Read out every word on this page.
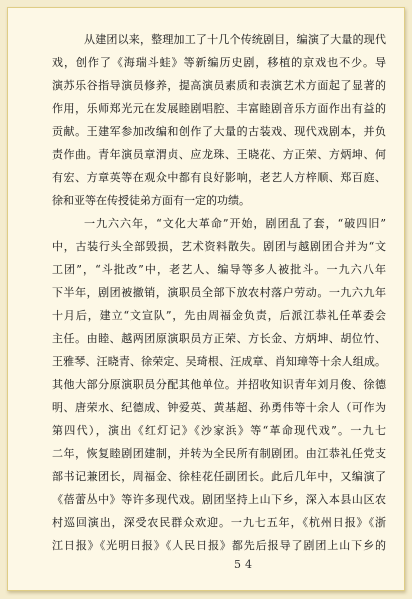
从建团以来，整理加工了十几个传统剧目，编演了大量的现代
戏，创作了《海瑞斗蛙》等新编历史剧，移植的京戏也不少。导
演苏乐谷指导演员修养，提高演员素质和表演艺术方面起了显著的
作用，乐师郑光元在发展睦剧唱腔、丰富睦剧音乐方面作出有益的
贡献。王建军参加改编和创作了大量的古装戏、现代戏剧本，并负
责作曲。青年演员章渭贞、应龙珠、王晓花、方正荣、方炳坤、何
有宏、方章英等在观众中都有良好影响，老艺人方梓顺、郑百庭、
徐和亚等在传授徒弟方面有一定的功绩。
一九六六年，“文化大革命”开始，剧团乱了套，“破四旧”
中，古装行头全部毁损，艺术资料散失。剧团与越剧团合并为“文
工团”，“斗批改”中，老艺人、编导等多人被批斗。一九六八年
下半年，剧团被撤销，演职员全部下放农村落户劳动。一九六九年
十月后，建立“文宣队”，先由周福金负责，后派江恭礼任革委会
主任。由睦、越两团原演职员方正荣、方长金、方炳坤、胡位竹、
王雅琴、汪晓青、徐荣定、吴琦根、汪成章、肖知璋等十余人组成。
其他大部分原演职员分配其他单位。并招收知识青年刘月俊、徐德
明、唐荣水、纪德成、钟爱英、黄基超、孙勇伟等十余人（可作为
第四代），演出《红灯记》《沙家浜》等“革命现代戏”。一九七
二年，恢复睦剧团建制，并转为全民所有制剧团。由江恭礼任党支
部书记兼团长，周福金、徐桂花任副团长。此后几年中，又编演了
《蓓蕾丛中》等许多现代戏。剧团坚持上山下乡，深入本县山区农
村巡回演出，深受农民群众欢迎。一九七五年，《杭州日报》《浙
江日报》《光明日报》《人民日报》都先后报导了剧团上山下乡的
54
